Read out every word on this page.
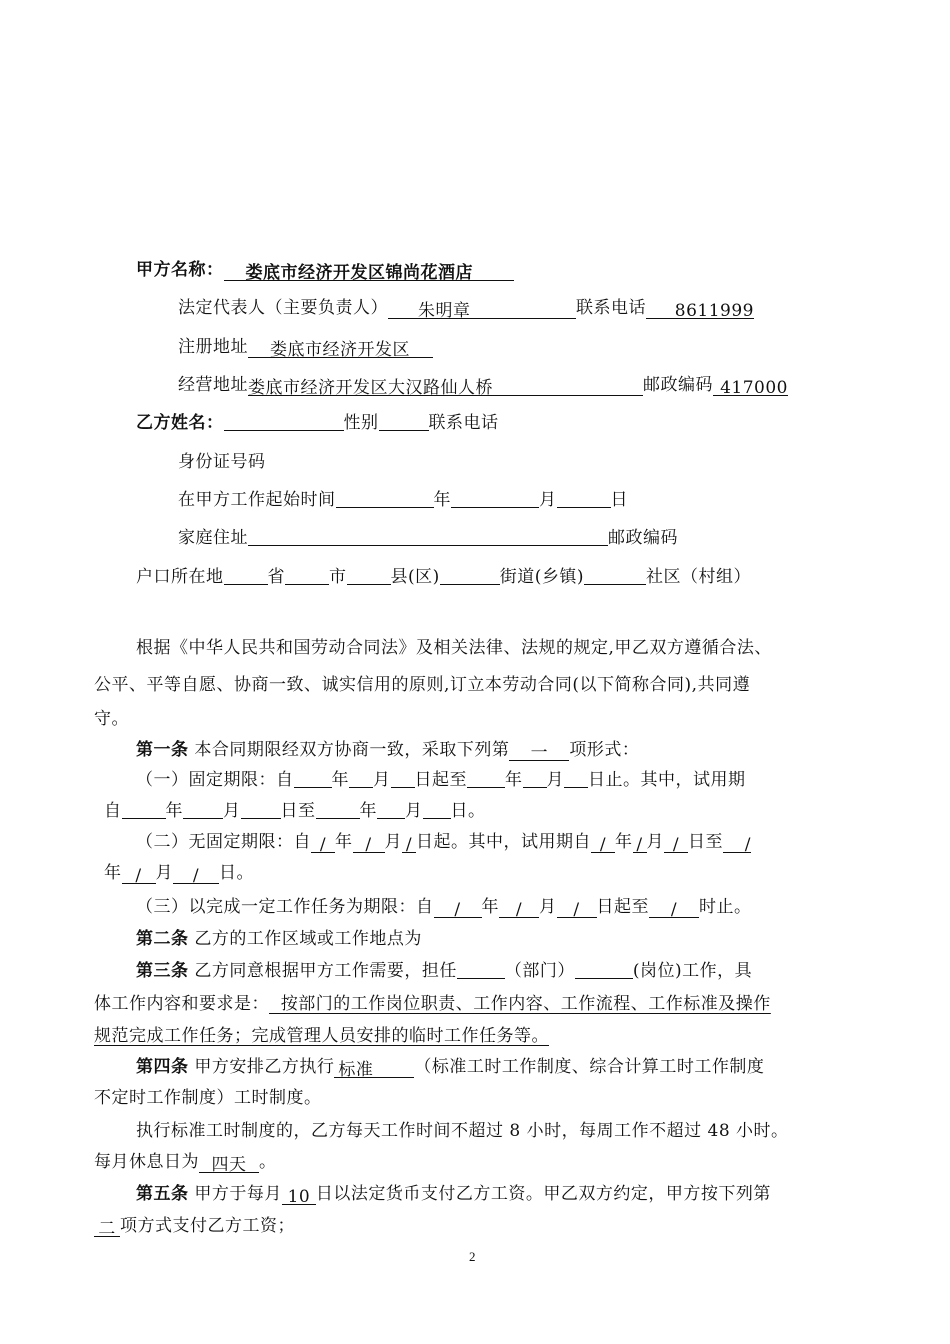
甲方名称： 娄底市经济开发区锦尚花酒店
法定代表人（主要负责人） 朱明章	联系电话 8611999
注册地址 娄底市经济开发区
经营地址娄底市经济开发区大汉路仙人桥	邮政编码 417000
乙方姓名：	性别	联系电话
身份证号码
在甲方工作起始时间	年	月	日
家庭住址	邮政编码
户口所在地	省	市	县(区)	街道(乡镇)	社区（村组）
根据《中华人民共和国劳动合同法》及相关法律、法规的规定,甲乙双方遵循合法、
公平、平等自愿、协商一致、诚实信用的原则,订立本劳动合同(以下简称合同),共同遵
守。
第一条 本合同期限经双方协商一致，采取下列第 一 项形式：
（一）固定期限：自 年 月 日起至 年 月 日止。其中，试用期
自	年 月 日至	年 月 日。
（二）无固定期限：自 / 年 / 月 / 日起。其中，试用期自 / 年 / 月 / 日至 /
年 / 月 / 日。
（三）以完成一定工作任务为期限：自 / 年 / 月 / 日起至 / 时止。
第二条 乙方的工作区域或工作地点为
第三条 乙方同意根据甲方工作需要，担任	（部门）	(岗位)工作，具
体工作内容和要求是：  按部门的工作岗位职责、工作内容、工作流程、工作标准及操作
规范完成工作任务；完成管理人员安排的临时工作任务等。
第四条 甲方安排乙方执行 标准 （标准工时工作制度、综合计算工时工作制度
不定时工作制度）工时制度。
执行标准工时制度的，乙方每天工作时间不超过 8 小时，每周工作不超过 48 小时。
每月休息日为 四天 。
第五条 甲方于每月 10 日以法定货币支付乙方工资。甲乙双方约定，甲方按下列第
二 项方式支付乙方工资；
2
